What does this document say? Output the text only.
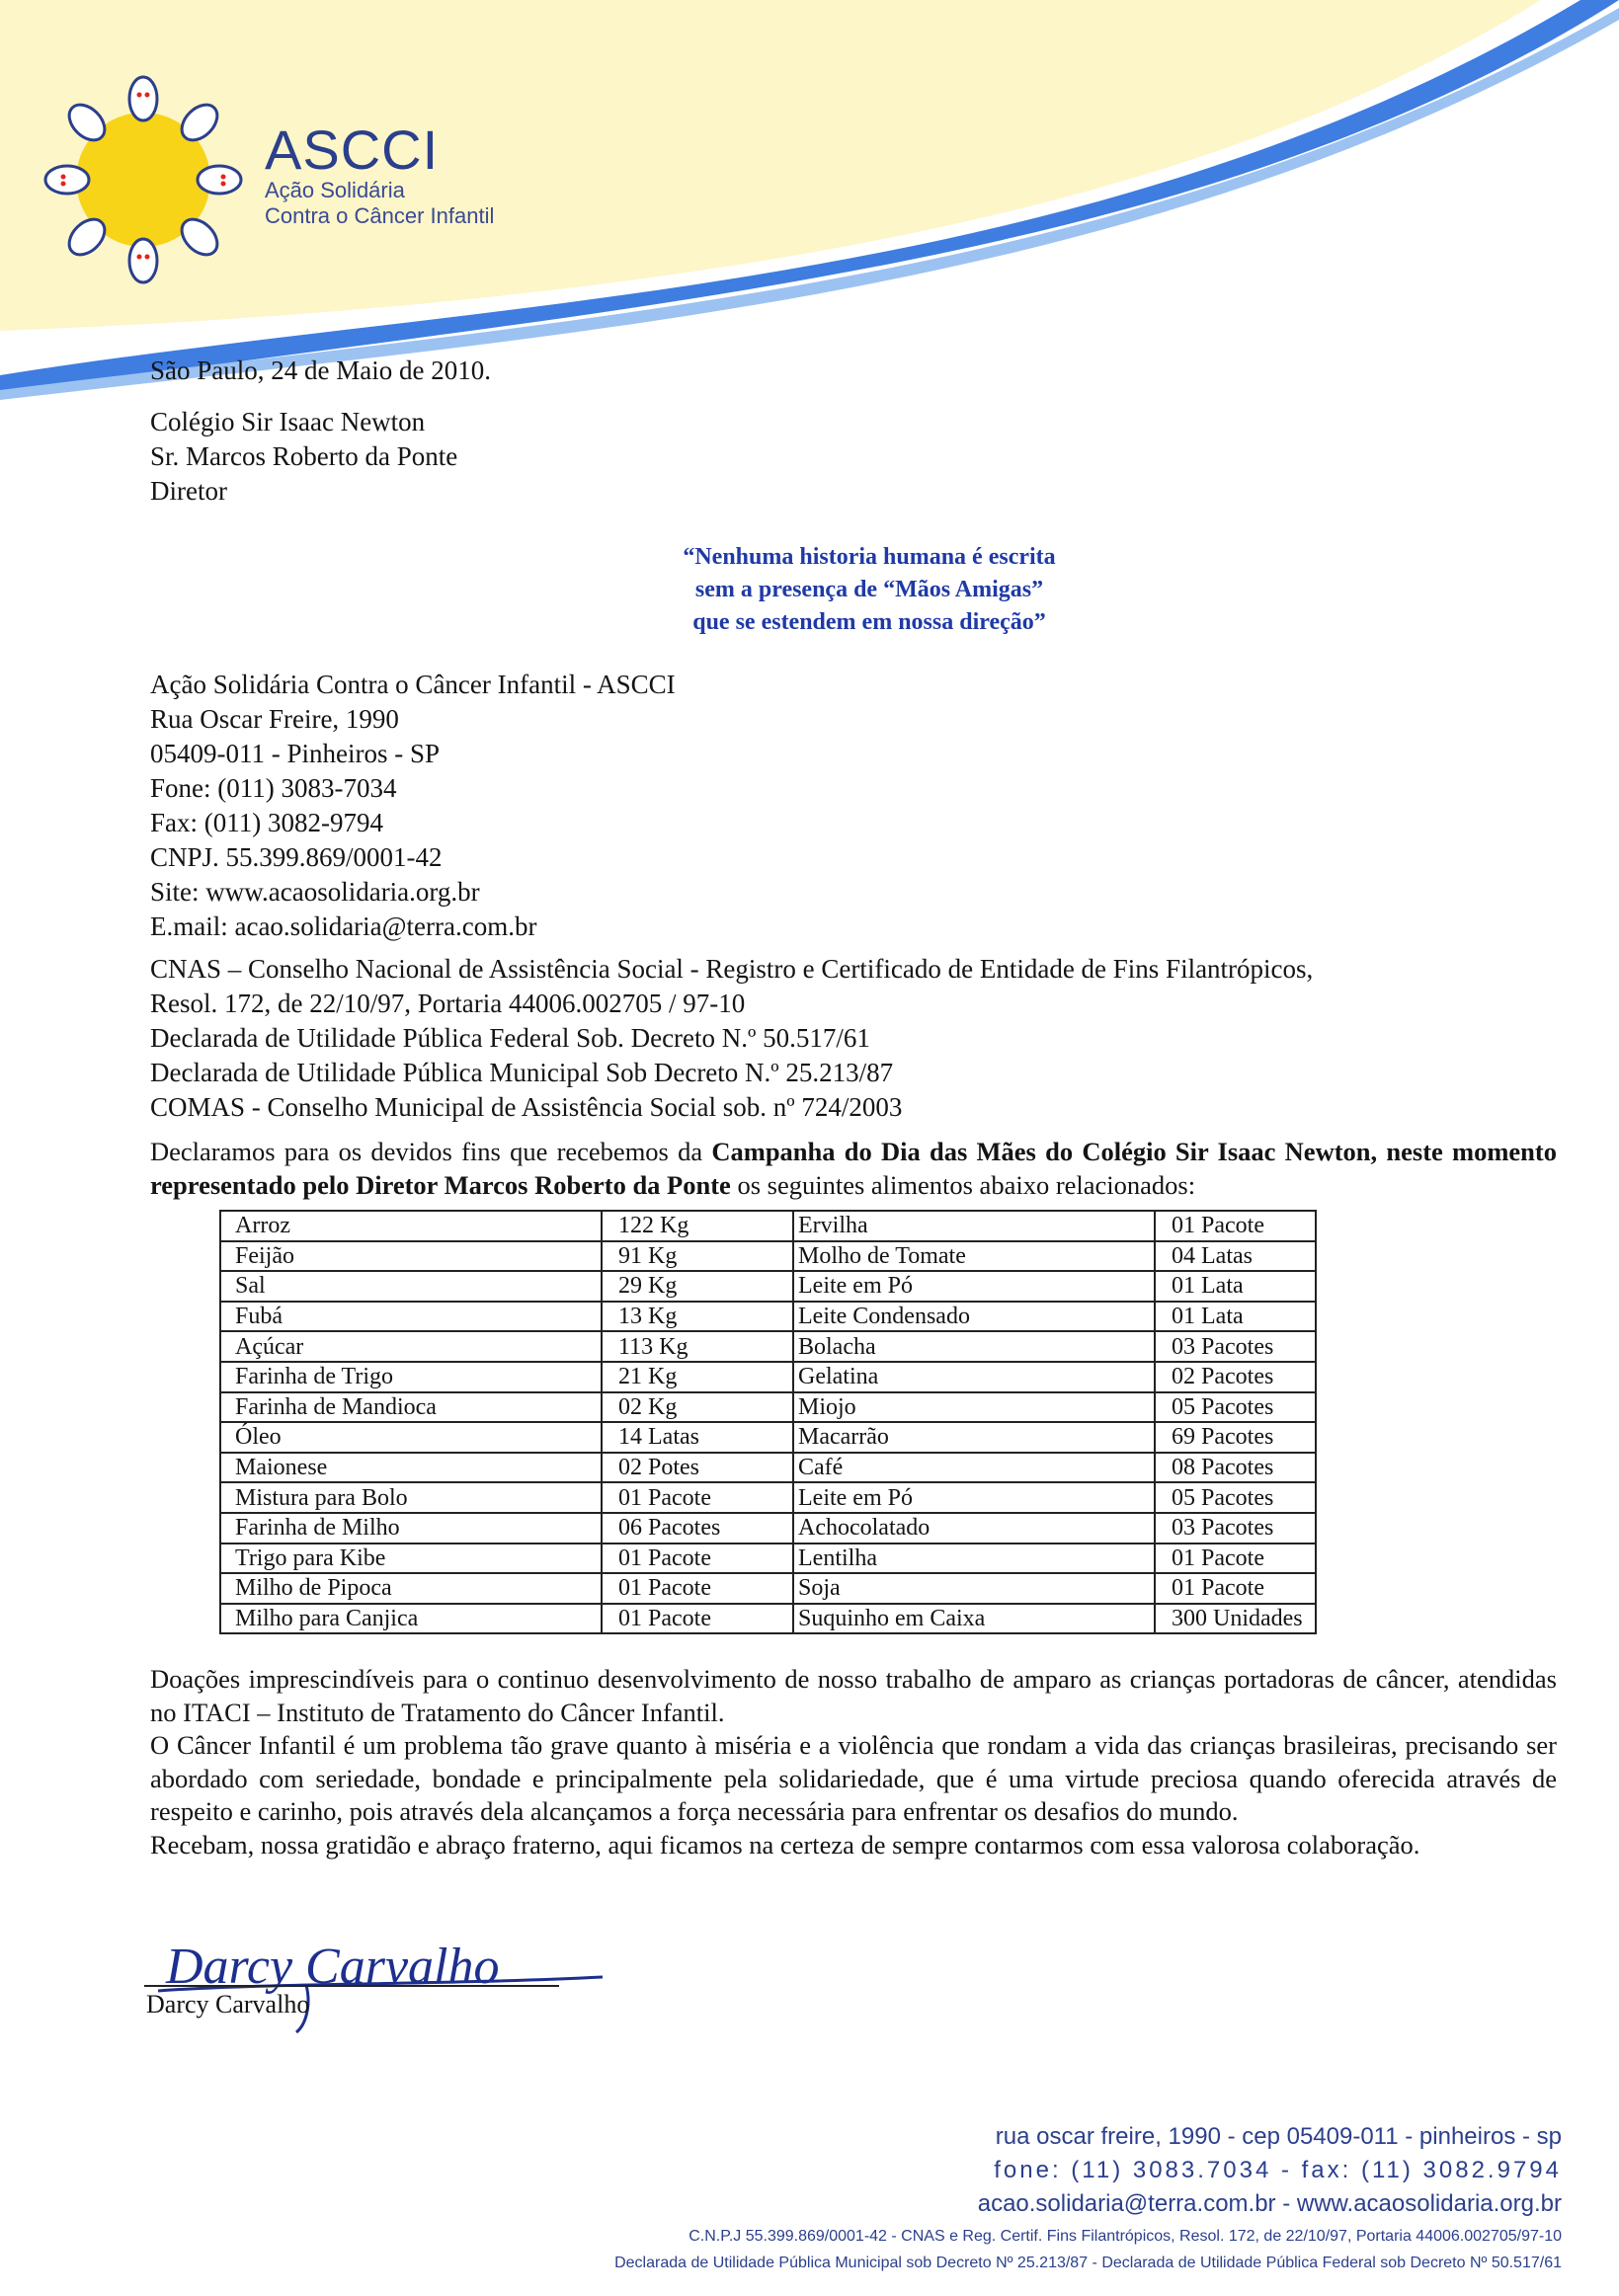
ASCCI
Ação Solidária
Contra o Câncer Infantil
São Paulo, 24 de Maio de 2010.
Colégio Sir Isaac Newton
Sr. Marcos Roberto da Ponte
Diretor
“Nenhuma historia humana é escrita
sem a presença de “Mãos Amigas”
que se estendem em nossa direção”
Ação Solidária Contra o Câncer Infantil - ASCCI
Rua Oscar Freire, 1990
05409-011 - Pinheiros - SP
Fone: (011) 3083-7034
Fax: (011) 3082-9794
CNPJ. 55.399.869/0001-42
Site: www.acaosolidaria.org.br
E.mail: acao.solidaria@terra.com.br
CNAS – Conselho Nacional de Assistência Social - Registro e Certificado de Entidade de Fins Filantrópicos,
Resol. 172, de 22/10/97, Portaria 44006.002705 / 97-10
Declarada de Utilidade Pública Federal Sob. Decreto N.º 50.517/61
Declarada de Utilidade Pública Municipal Sob Decreto N.º 25.213/87
COMAS - Conselho Municipal de Assistência Social sob. nº 724/2003
Declaramos para os devidos fins que recebemos da Campanha do Dia das Mães do Colégio Sir Isaac Newton, neste momento representado pelo Diretor Marcos Roberto da Ponte os seguintes alimentos abaixo relacionados:
Arroz	122 Kg	Ervilha	01 Pacote
Feijão	91 Kg	Molho de Tomate	04 Latas
Sal	29 Kg	Leite em Pó	01 Lata
Fubá	13 Kg	Leite Condensado	01 Lata
Açúcar	113 Kg	Bolacha	03 Pacotes
Farinha de Trigo	21 Kg	Gelatina	02 Pacotes
Farinha de Mandioca	02 Kg	Miojo	05 Pacotes
Óleo	14 Latas	Macarrão	69 Pacotes
Maionese	02 Potes	Café	08 Pacotes
Mistura para Bolo	01 Pacote	Leite em Pó	05 Pacotes
Farinha de Milho	06 Pacotes	Achocolatado	03 Pacotes
Trigo para Kibe	01 Pacote	Lentilha	01 Pacote
Milho de Pipoca	01 Pacote	Soja	01 Pacote
Milho para Canjica	01 Pacote	Suquinho em Caixa	300 Unidades
Doações imprescindíveis para o continuo desenvolvimento de nosso trabalho de amparo as crianças portadoras de câncer, atendidas no ITACI – Instituto de Tratamento do Câncer Infantil.
O Câncer Infantil é um problema tão grave quanto à miséria e a violência que rondam a vida das crianças brasileiras, precisando ser abordado com seriedade, bondade e principalmente pela solidariedade, que é uma virtude preciosa quando oferecida através de respeito e carinho, pois através dela alcançamos a força necessária para enfrentar os desafios do mundo.
Recebam, nossa gratidão e abraço fraterno, aqui ficamos na certeza de sempre contarmos com essa valorosa colaboração.
Darcy Carvalho
Darcy Carvalho
rua oscar freire, 1990 - cep 05409-011 - pinheiros - sp
fone: (11) 3083.7034 - fax: (11) 3082.9794
acao.solidaria@terra.com.br - www.acaosolidaria.org.br
C.N.P.J 55.399.869/0001-42 - CNAS e Reg. Certif. Fins Filantrópicos, Resol. 172, de 22/10/97, Portaria 44006.002705/97-10
Declarada de Utilidade Pública Municipal sob Decreto Nº 25.213/87 - Declarada de Utilidade Pública Federal sob Decreto Nº 50.517/61
